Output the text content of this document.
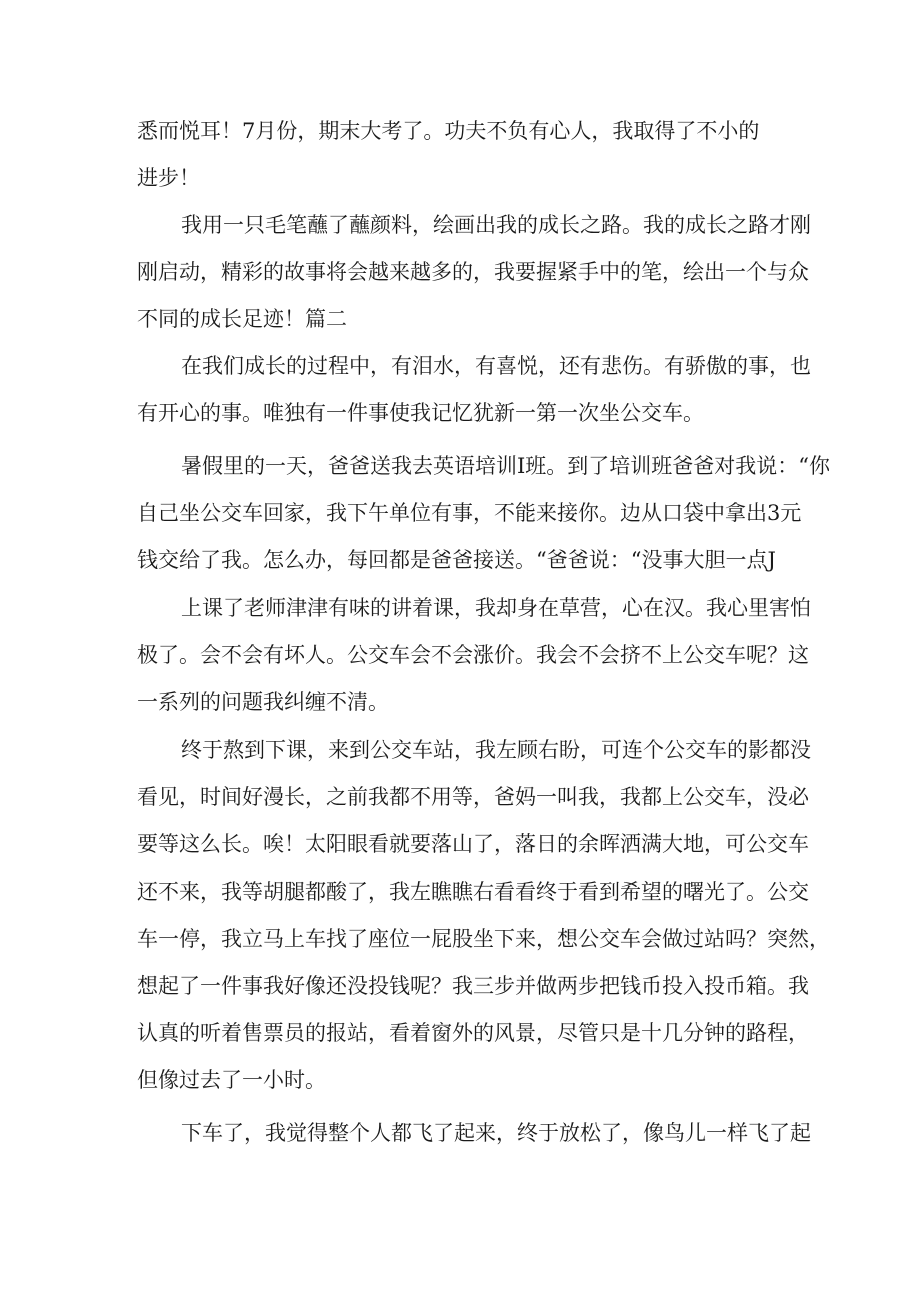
悉而悦耳！7月份，期末大考了。功夫不负有心人，我取得了不小的
进步！
我用一只毛笔蘸了蘸颜料，绘画出我的成长之路。我的成长之路才刚
刚启动，精彩的故事将会越来越多的，我要握紧手中的笔，绘出一个与众
不同的成长足迹！篇二
在我们成长的过程中，有泪水，有喜悦，还有悲伤。有骄傲的事，也
有开心的事。唯独有一件事使我记忆犹新一第一次坐公交车。
暑假里的一天，爸爸送我去英语培训I班。到了培训班爸爸对我说：“你
自己坐公交车回家，我下午单位有事，不能来接你。边从口袋中拿出3元
钱交给了我。怎么办，每回都是爸爸接送。“爸爸说：“没事大胆一点J
上课了老师津津有味的讲着课，我却身在草营，心在汉。我心里害怕
极了。会不会有坏人。公交车会不会涨价。我会不会挤不上公交车呢？这
一系列的问题我纠缠不清。
终于熬到下课，来到公交车站，我左顾右盼，可连个公交车的影都没
看见，时间好漫长，之前我都不用等，爸妈一叫我，我都上公交车，没必
要等这么长。唉！太阳眼看就要落山了，落日的余晖洒满大地，可公交车
还不来，我等胡腿都酸了，我左瞧瞧右看看终于看到希望的曙光了。公交
车一停，我立马上车找了座位一屁股坐下来，想公交车会做过站吗？突然，
想起了一件事我好像还没投钱呢？我三步并做两步把钱币投入投币箱。我
认真的听着售票员的报站，看着窗外的风景，尽管只是十几分钟的路程，
但像过去了一小时。
下车了，我觉得整个人都飞了起来，终于放松了，像鸟儿一样飞了起
